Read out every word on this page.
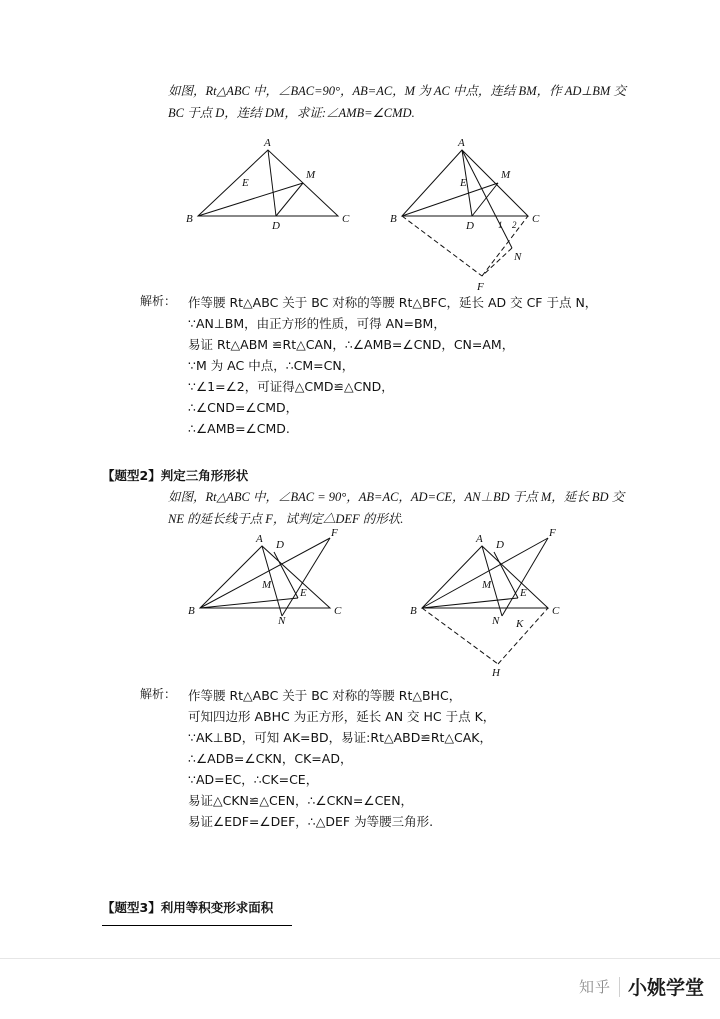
如图，Rt△ABC 中，∠BAC=90°，AB=AC，M 为 AC 中点，连结 BM，作 AD⊥BM 交
BC 于点 D，连结 DM，求证:∠AMB=∠CMD.
A
M
E
B
D
C
A
M
E
B
D
C
1 2
N
F
解析： 作等腰 Rt△ABC 关于 BC 对称的等腰 Rt△BFC，延长 AD 交 CF 于点 N，
∵AN⊥BM，由正方形的性质，可得 AN=BM，
易证 Rt△ABM ≌Rt△CAN，∴∠AMB=∠CND，CN=AM，
∵M 为 AC 中点，∴CM=CN，
∵∠1=∠2，可证得△CMD≌△CND，
∴∠CND=∠CMD，
∴∠AMB=∠CMD.
【题型2】判定三角形形状
如图，Rt△ABC 中，∠BAC = 90°，AB=AC，AD=CE，AN⊥BD 于点 M，延长 BD 交
NE 的延长线于点 F，试判定△DEF 的形状.
A D
F
M
E
B
N
C
A D
F
M
E
B
N
C
K
H
解析： 作等腰 Rt△ABC 关于 BC 对称的等腰 Rt△BHC，
可知四边形 ABHC 为正方形，延长 AN 交 HC 于点 K，
∵AK⊥BD，可知 AK=BD，易证:Rt△ABD≌Rt△CAK，
∴∠ADB=∠CKN，CK=AD，
∵AD=EC，∴CK=CE，
易证△CKN≌△CEN，∴∠CKN=∠CEN，
易证∠EDF=∠DEF，∴△DEF 为等腰三角形.
【题型3】利用等积变形求面积
知乎 小姚学堂
